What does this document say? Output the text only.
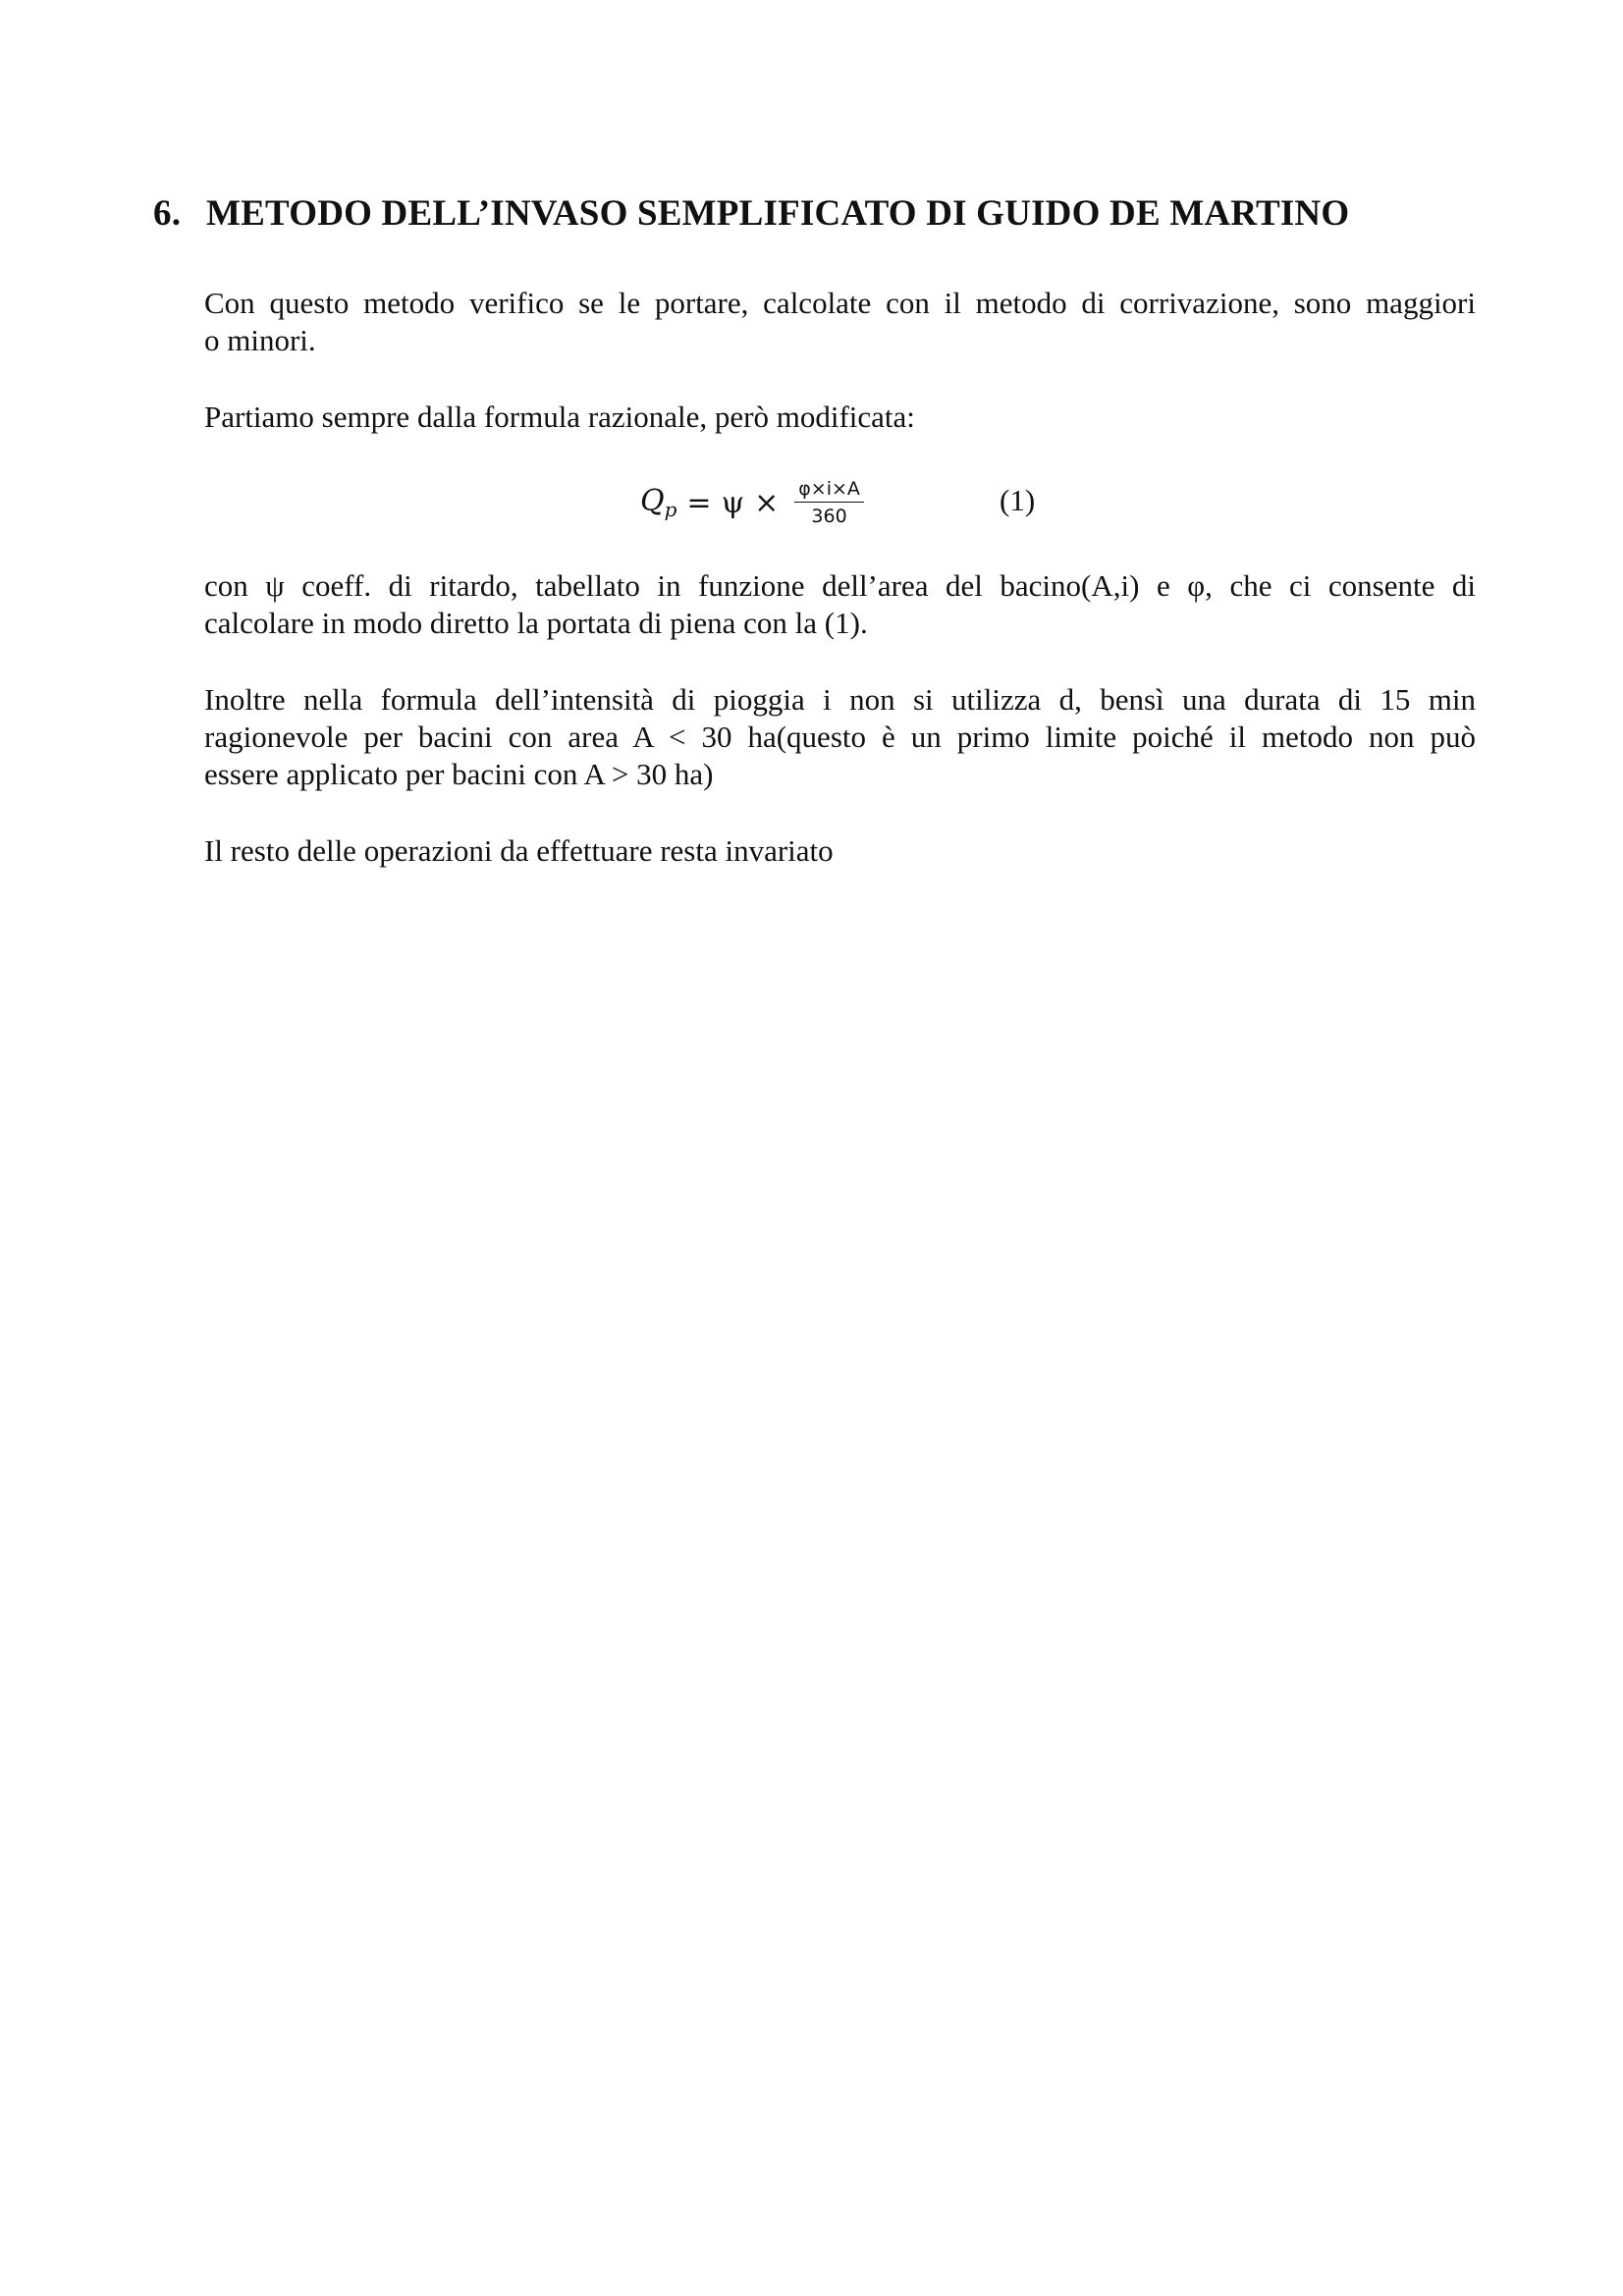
6. METODO DELL’INVASO SEMPLIFICATO DI GUIDO DE MARTINO

Con questo metodo verifico se le portare, calcolate con il metodo di corrivazione, sono maggiori
o minori.

Partiamo sempre dalla formula razionale, però modificata:

$Q_p = \psi \times \frac{\varphi\times i\times A}{360}$	(1)

con ψ coeff. di ritardo, tabellato in funzione dell’area del bacino(A,i) e φ, che ci consente di
calcolare in modo diretto la portata di piena con la (1).

Inoltre nella formula dell’intensità di pioggia i non si utilizza d, bensì una durata di 15 min
ragionevole per bacini con area A < 30 ha(questo è un primo limite poiché il metodo non può
essere applicato per bacini con A > 30 ha)

Il resto delle operazioni da effettuare resta invariato
